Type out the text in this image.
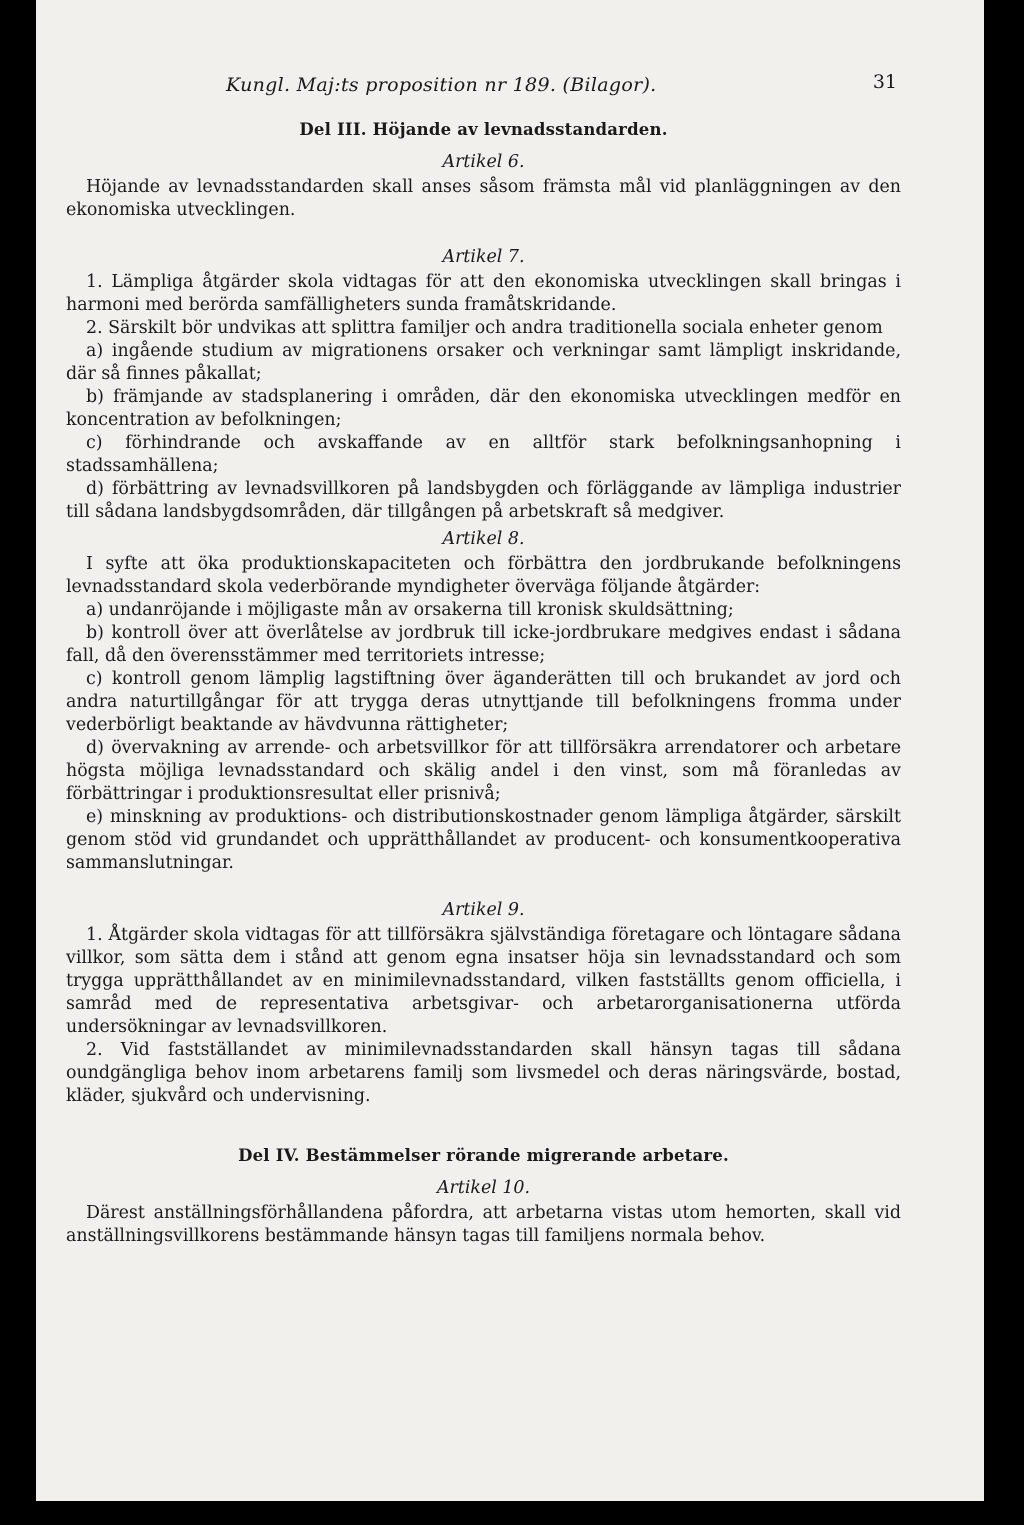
Kungl. Maj:ts proposition nr 189. (Bilagor).	31
Del III. Höjande av levnadsstandarden.
Artikel 6.

Höjande av levnadsstandarden skall anses såsom främsta mål vid planläggningen av den ekonomiska utvecklingen.

Artikel 7.

1. Lämpliga åtgärder skola vidtagas för att den ekonomiska utvecklingen skall bringas i harmoni med berörda samfälligheters sunda framåtskridande.

2. Särskilt bör undvikas att splittra familjer och andra traditionella sociala enheter genom

a) ingående studium av migrationens orsaker och verkningar samt lämpligt inskridande, där så finnes påkallat;

b) främjande av stadsplanering i områden, där den ekonomiska utvecklingen medför en koncentration av befolkningen;

c) förhindrande och avskaffande av en alltför stark befolkningsanhopning i stadssamhällena;

d) förbättring av levnadsvillkoren på landsbygden och förläggande av lämpliga industrier till sådana landsbygdsområden, där tillgången på arbetskraft så medgiver.

Artikel 8.

I syfte att öka produktionskapaciteten och förbättra den jordbrukande befolkningens levnadsstandard skola vederbörande myndigheter överväga följande åtgärder:

a) undanröjande i möjligaste mån av orsakerna till kronisk skuldsättning;

b) kontroll över att överlåtelse av jordbruk till icke-jordbrukare medgives endast i sådana fall, då den överensstämmer med territoriets intresse;

c) kontroll genom lämplig lagstiftning över äganderätten till och brukandet av jord och andra naturtillgångar för att trygga deras utnyttjande till befolkningens fromma under vederbörligt beaktande av hävdvunna rättigheter;

d) övervakning av arrende- och arbetsvillkor för att tillförsäkra arrendatorer och arbetare högsta möjliga levnadsstandard och skälig andel i den vinst, som må föranledas av förbättringar i produktionsresultat eller prisnivå;

e) minskning av produktions- och distributionskostnader genom lämpliga åtgärder, särskilt genom stöd vid grundandet och upprätthållandet av producent- och konsumentkooperativa sammanslutningar.

Artikel 9.

1. Åtgärder skola vidtagas för att tillförsäkra självständiga företagare och löntagare sådana villkor, som sätta dem i stånd att genom egna insatser höja sin levnadsstandard och som trygga upprätthållandet av en minimilevnadsstandard, vilken fastställts genom officiella, i samråd med de representativa arbetsgivar- och arbetarorganisationerna utförda undersökningar av levnadsvillkoren.

2. Vid fastställandet av minimilevnadsstandarden skall hänsyn tagas till sådana oundgängliga behov inom arbetarens familj som livsmedel och deras näringsvärde, bostad, kläder, sjukvård och undervisning.

Del IV. Bestämmelser rörande migrerande arbetare.
Artikel 10.

Därest anställningsförhållandena påfordra, att arbetarna vistas utom hemorten, skall vid anställningsvillkorens bestämmande hänsyn tagas till familjens normala behov.
